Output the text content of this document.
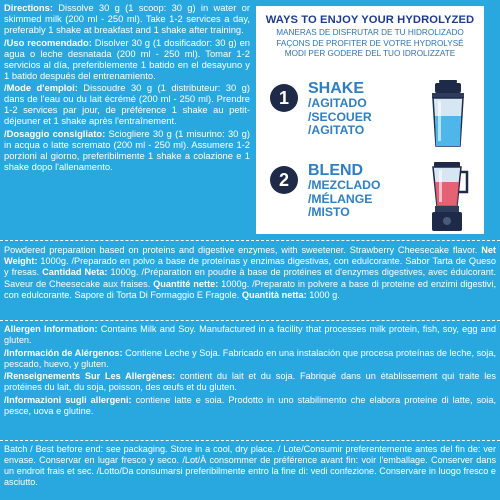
Directions: Dissolve 30 g (1 scoop: 30 g) in water or skimmed milk (200 ml - 250 ml). Take 1-2 services a day, preferably 1 shake at breakfast and 1 shake after training.

/Uso recomendado: Disolver 30 g (1 dosificador: 30 g) en agua o leche desnatada (200 ml - 250 ml). Tomar 1-2 servicios al día, preferiblemente 1 batido en el desayuno y 1 batido después del entrenamiento.

/Mode d'emploi: Dissoudre 30 g (1 distributeur: 30 g) dans de l'eau ou du lait écrémé (200 ml - 250 ml). Prendre 1-2 services par jour, de préférence 1 shake au petit-déjeuner et 1 shake après l'entraînement.

/Dosaggio consigliato: Sciogliere 30 g (1 misurino: 30 g) in acqua o latte scremato (200 ml - 250 ml). Assumere 1-2 porzioni al giorno, preferibilmente 1 shake a colazione e 1 shake dopo l'allenamento.

WAYS TO ENJOY YOUR HYDROLYZED
MANERAS DE DISFRUTAR DE TU HIDROLIZADO
FAÇONS DE PROFITER DE VOTRE HYDROLYSÉ
MODI PER GODERE DEL TUO IDROLIZZATE
1	SHAKE
/AGITADO
/SECOUER
/AGITATO
2	BLEND
/MEZCLADO
/MÉLANGE
/MISTO
Powdered preparation based on proteins and digestive enzymes, with sweetener. Strawberry Cheesecake flavor. Net Weight: 1000g. /Preparado en polvo a base de proteínas y enzimas digestivas, con edulcorante. Sabor Tarta de Queso y fresas. Cantidad Neta: 1000g. /Préparation en poudre à base de protéines et d'enzymes digestives, avec édulcorant. Saveur de Cheesecake aux fraises. Quantité nette: 1000g. /Preparato in polvere a base di proteine ed enzimi digestivi, con edulcorante. Sapore di Torta Di Formaggio E Fragole. Quantità netta: 1000 g.

Allergen Information: Contains Milk and Soy. Manufactured in a facility that processes milk protein, fish, soy, egg and gluten.

/Información de Alérgenos: Contiene Leche y Soja. Fabricado en una instalación que procesa proteínas de leche, soja, pescado, huevo, y gluten.

/Renseignements Sur Les Allergènes: contient du lait et du soja. Fabriqué dans un établissement qui traite les protéines du lait, du soja, poisson, des œufs et du gluten.

/Informazioni sugli allergeni: contiene latte e soia. Prodotto in uno stabilimento che elabora proteine di latte, soia, pesce, uova e glutine.

Batch / Best before end: see packaging. Store in a cool, dry place. / Lote/Consumir preferentemente antes del fin de: ver envase. Conservar en lugar fresco y seco. /Lot/À consommer de préférence avant fin: voir l'emballage. Conserver dans un endroit frais et sec. /Lotto/Da consumarsi preferibilmente entro la fine di: vedi confezione. Conservare in luogo fresco e asciutto.
